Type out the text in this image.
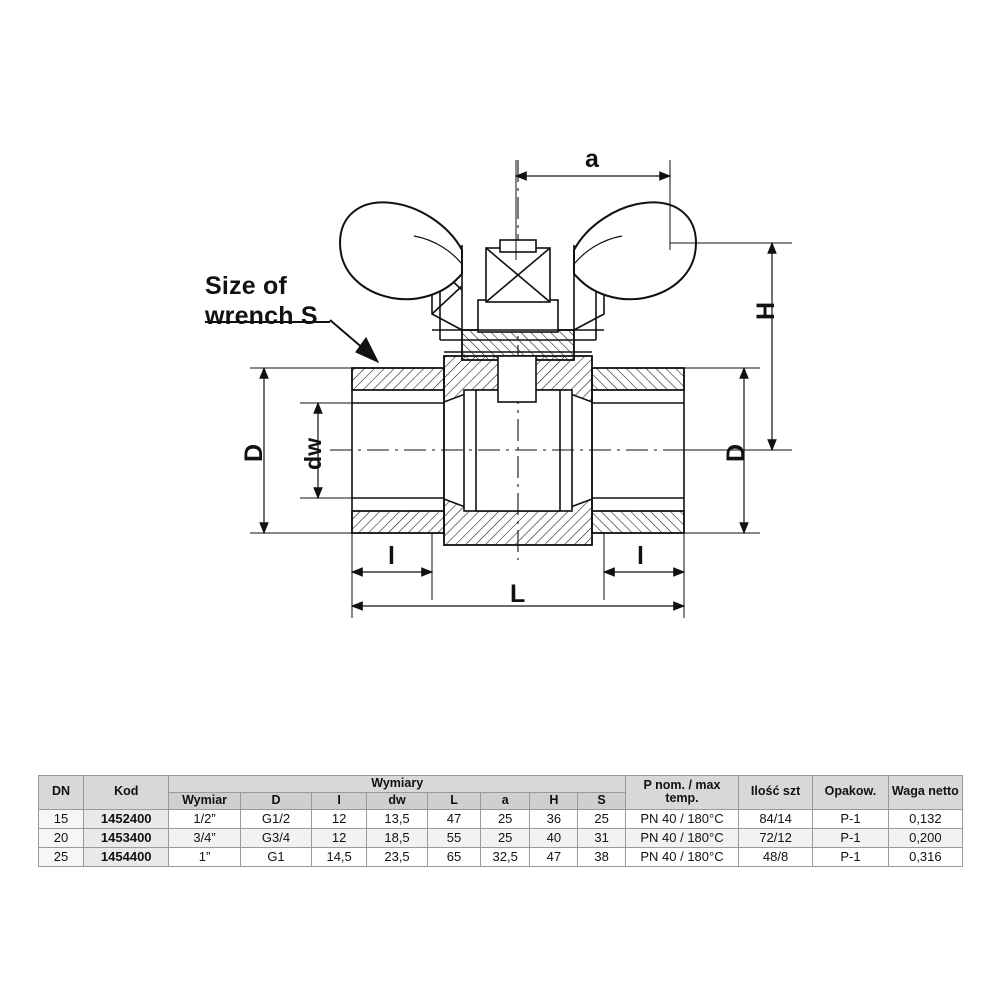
Size of
wrench S
a
H
D dw	D
l	l
L
DN	Kod	Wymiary								P nom. / max temp.	Ilość szt	Opakow.	Waga netto
		Wymiar	D	I	dw	L	a	H	S				
15	1452400	1/2”	G1/2	12	13,5	47	25	36	25	PN 40 / 180°C	84/14	P-1	0,132
20	1453400	3/4”	G3/4	12	18,5	55	25	40	31	PN 40 / 180°C	72/12	P-1	0,200
25	1454400	1”	G1	14,5	23,5	65	32,5	47	38	PN 40 / 180°C	48/8	P-1	0,316
